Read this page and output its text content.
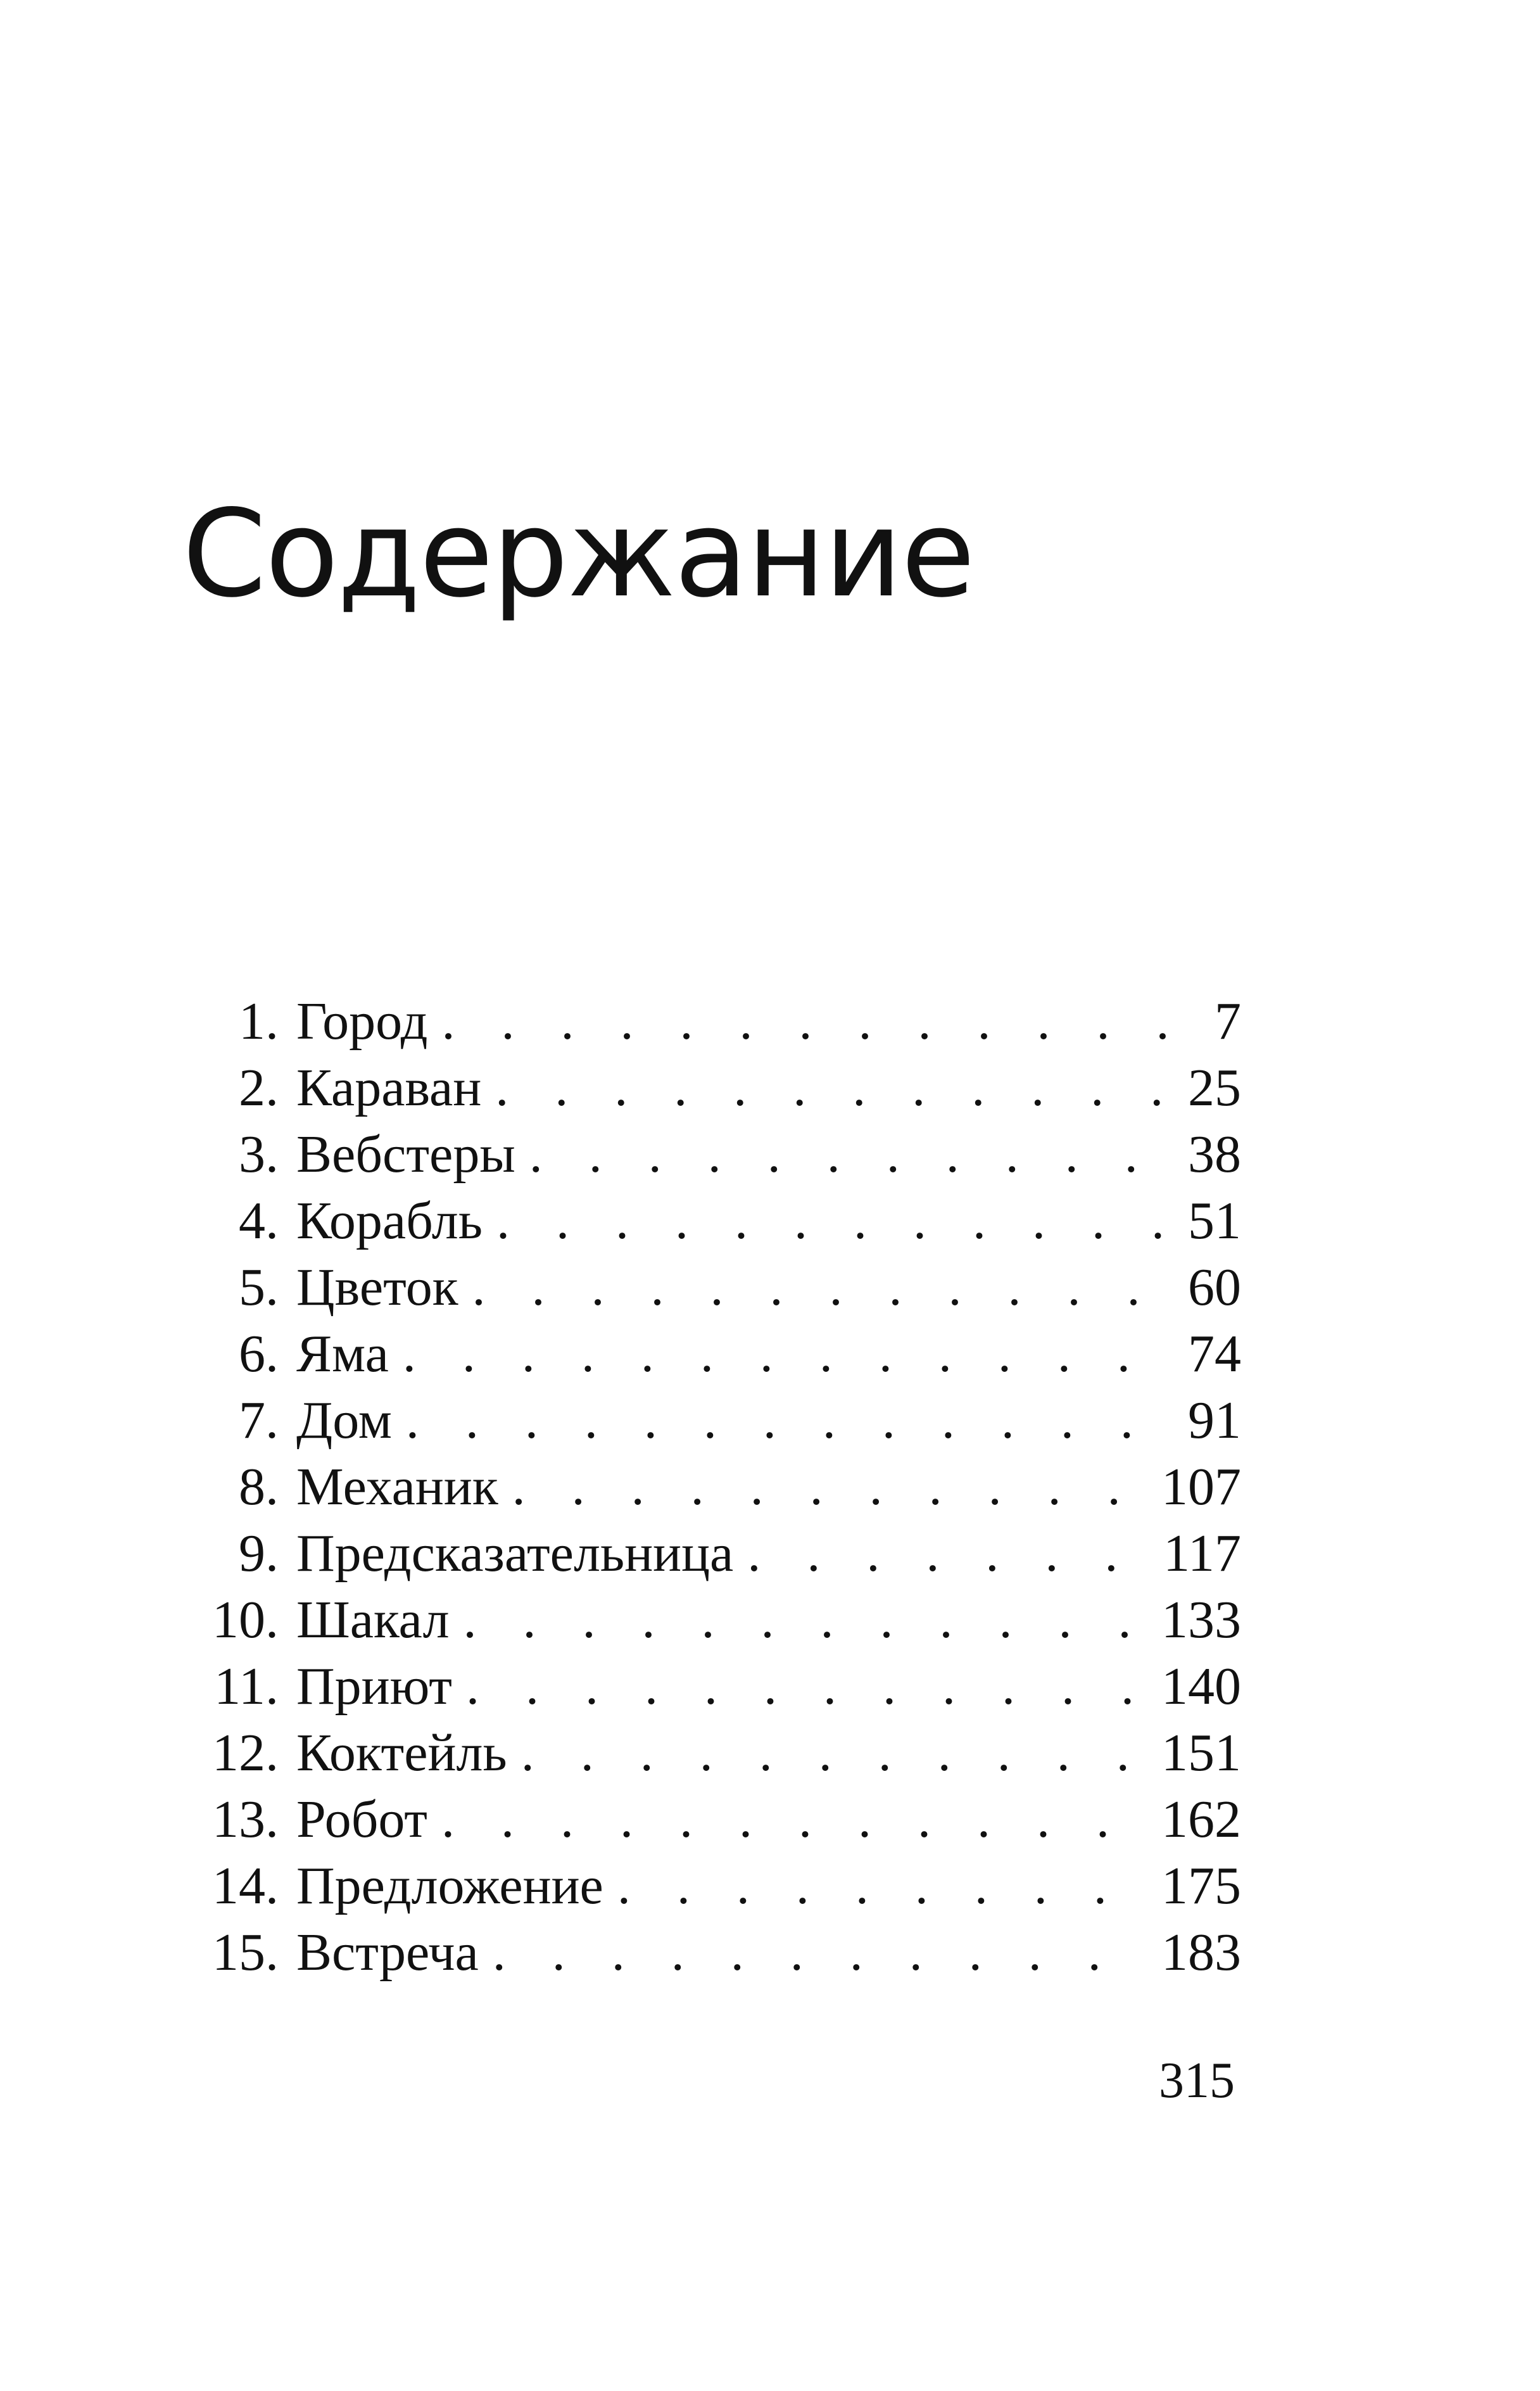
Содержание
1. Город . . .	7
2. Караван . . .	25
3. Вебстеры . . .	38
4. Корабль . . .	51
5. Цветок . . .	60
6. Яма . . .	74
7. Дом . . .	91
8. Механик . . .	107
9. Предсказательница . . .	117
10. Шакал . . .	133
11. Приют . . .	140
12. Коктейль . . .	151
13. Робот . . .	162
14. Предложение . . .	175
15. Встреча . . .	183

315
